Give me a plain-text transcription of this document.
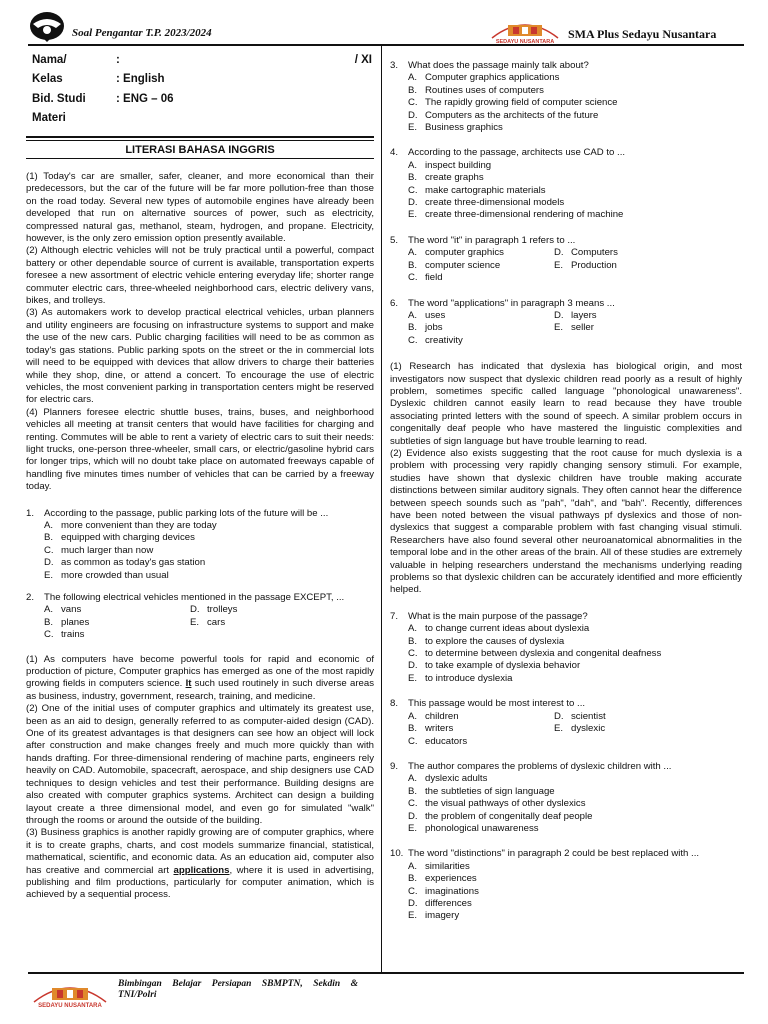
Soal Pengantar T.P. 2023/2024
SEDAYU NUSANTARA
SMA Plus Sedayu Nusantara
Nama/	:	/ XI
Kelas	: English	
Bid. Studi	: ENG – 06	
Materi		
LITERASI BAHASA INGGRIS

(1) Today's car are smaller, safer, cleaner, and more economical than their predecessors, but the car of the future will be far more pollution-free than those on the road today. Several new types of automobile engines have already been developed that run on alternative sources of power, such as electricity, compressed natural gas, methanol, steam, hydrogen, and propane. Electricity, however, is the only zero emission option presently available.

(2) Although electric vehicles will not be truly practical until a powerful, compact battery or other dependable source of current is available, transportation experts foresee a new assortment of electric vehicle entering everyday life; shorter range commuter electric cars, three-wheeled neighborhood cars, electric delivery vans, bikes, and trolleys.

(3) As automakers work to develop practical electrical vehicles, urban planners and utility engineers are focusing on infrastructure systems to support and make the use of the new cars. Public charging facilities will need to be as common as today's gas stations. Public parking spots on the street or the in commercial lots will need to be equipped with devices that allow drivers to charge their batteries while they shop, dine, or attend a concert. To encourage the use of electric vehicles, the most convenient parking in transportation centers might be reserved for electric cars.

(4) Planners foresee electric shuttle buses, trains, buses, and neighborhood vehicles all meeting at transit centers that would have facilities for charging and renting. Commutes will be able to rent a variety of electric cars to suit their needs: light trucks, one-person three-wheeler, small cars, or electric/gasoline hybrid cars for longer trips, which will no doubt take place on automated freeways capable of handling five minutes times number of vehicles that can be carried by a freeway today.

1.	According to the passage, public parking lots of the future will be ...
A. more convenient than they are today
B. equipped with charging devices
C. much larger than now
D. as common as today's gas station
E. more crowded than usual
2.	The following electrical vehicles mentioned in the passage EXCEPT, ...
A. vans	D. trolleys
B. planes	E. cars
C. trains

(1) As computers have become powerful tools for rapid and economic of production of picture, Computer graphics has emerged as one of the most rapidly growing fields in computers science. It such used routinely in such diverse areas as business, industry, government, research, training, and medicine.

(2) One of the initial uses of computer graphics and ultimately its greatest use, been as an aid to design, generally referred to as computer-aided design (CAD). One of its greatest advantages is that designers can see how an object will lock after construction and make changes freely and much more quickly than with hands drafting. For three-dimensional rendering of machine parts, engineers rely heavily on CAD. Automobile, spacecraft, aerospace, and ship designers use CAD techniques to design vehicles and test their performance. Building designs are also created with computer graphics systems. Architect can design a building layout create a three dimensional model, and even go for simulated "walk" through the rooms or around the outside of the building.

(3) Business graphics is another rapidly growing are of computer graphics, where it is to create graphs, charts, and cost models summarize financial, statistical, mathematical, scientific, and economic data. As an education aid, computer also has creative and commercial art applications, where it is used in advertising, publishing and film productions, particularly for computer animation, which is achieved by a sequential process.

3.	What does the passage mainly talk about?
A. Computer graphics applications
B. Routines uses of computers
C. The rapidly growing field of computer science
D. Computers as the architects of the future
E. Business graphics
4.	According to the passage, architects use CAD to ...
A. inspect building
B. create graphs
C. make cartographic materials
D. create three-dimensional models
E. create three-dimensional rendering of machine
5.	The word "it" in paragraph 1 refers to ...
A. computer graphics	D. Computers
B. computer science	E. Production
C. field
6.	The word "applications" in paragraph 3 means ...
A. uses	D. layers
B. jobs	E. seller
C. creativity

(1) Research has indicated that dyslexia has biological origin, and most investigators now suspect that dyslexic children read poorly as a result of highly problem, sometimes specific called language "phonological unawareness". Dyslexic children cannot easily learn to read because they have trouble associating printed letters with the sound of speech. A similar problem occurs in congenitally deaf people who have mastered the linguistic complexities and subtleties of sign language but have trouble learning to read.

(2) Evidence also exists suggesting that the root cause for much dyslexia is a problem with processing very rapidly changing sensory stimuli. For example, studies have shown that dyslexic children have trouble making accurate distinctions between similar auditory signals. They often cannot hear the difference between speech sounds such as "pah", "dah", and "bah". Recently, differences have been noted between the visual pathways pf dyslexics and those of non-dyslexics that suggest a comparable problem with fast changing visual stimuli. Researchers have also found several other neuroanatomical abnormalities in the temporal lobe and in the other areas of the brain. All of these studies are extremely valuable in helping researchers understand the mechanisms underlying reading problems so that dyslexic children can be accurately identified and more efficiently helped.

7.	What is the main purpose of the passage?
A. to change current ideas about dyslexia
B. to explore the causes of dyslexia
C. to determine between dyslexia and congenital deafness
D. to take example of dyslexia behavior
E. to introduce dyslexia
8.	This passage would be most interest to ...
A. children	D. scientist
B. writers	E. dyslexic
C. educators
9.	The author compares the problems of dyslexic children with ...
A. dyslexic adults
B. the subtleties of sign language
C. the visual pathways of other dyslexics
D. the problem of congenitally deaf people
E. phonological unawareness
10. The word "distinctions" in paragraph 2 could be best replaced with ...
A. similarities
B. experiences
C. imaginations
D. differences
E. imagery
SEDAYU NUSANTARA
Bimbingan Belajar Persiapan SBMPTN, Sekdin & TNI/Polri
